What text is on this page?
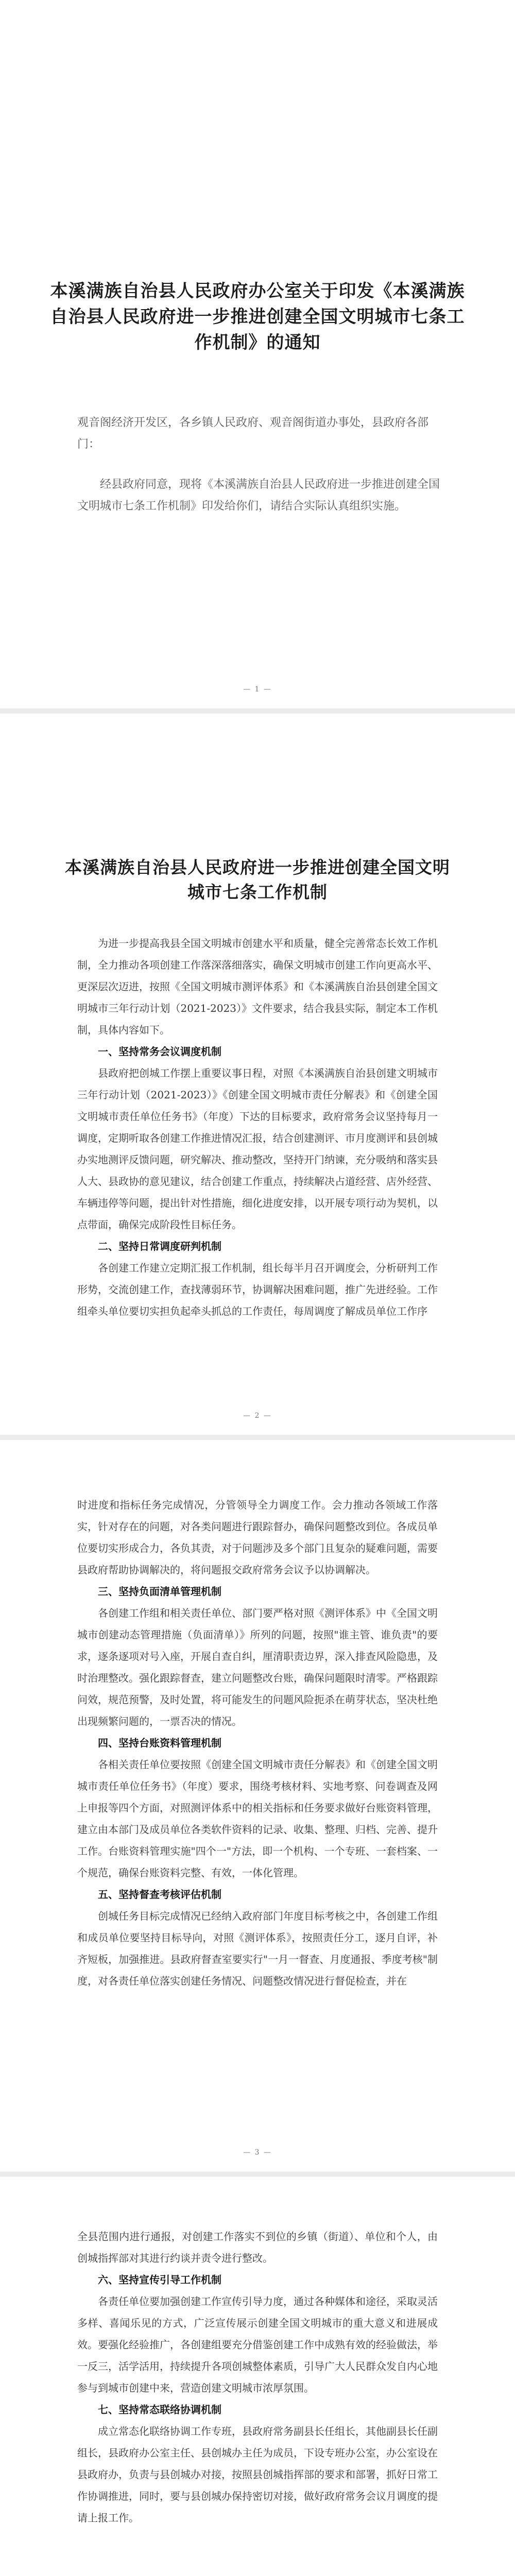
本溪满族自治县人民政府办公室关于印发《本溪满族自治县人民政府进一步推进创建全国文明城市七条工作机制》的通知

观音阁经济开发区，各乡镇人民政府、观音阁街道办事处，县政府各部门：

经县政府同意，现将《本溪满族自治县人民政府进一步推进创建全国文明城市七条工作机制》印发给你们，请结合实际认真组织实施。

— 1 —
— 2 —
本溪满族自治县人民政府进一步推进创建全国文明城市七条工作机制

为进一步提高我县全国文明城市创建水平和质量，健全完善常态长效工作机制，全力推动各项创建工作落深落细落实，确保文明城市创建工作向更高水平、更深层次迈进，按照《全国文明城市测评体系》和《本溪满族自治县创建全国文明城市三年行动计划（2021-2023）》文件要求，结合我县实际，制定本工作机制，具体内容如下。

一、坚持常务会议调度机制

县政府把创城工作摆上重要议事日程，对照《本溪满族自治县创建文明城市三年行动计划（2021-2023）》《创建全国文明城市责任分解表》和《创建全国文明城市责任单位任务书》（年度）下达的目标要求，政府常务会议坚持每月一调度，定期听取各创建工作推进情况汇报，结合创建测评、市月度测评和县创城办实地测评反馈问题，研究解决、推动整改，坚持开门纳谏，充分吸纳和落实县人大、县政协的意见建议，结合创建工作重点，持续解决占道经营、店外经营、车辆违停等问题，提出针对性措施，细化进度安排，以开展专项行动为契机，以点带面，确保完成阶段性目标任务。

二、坚持日常调度研判机制

各创建工作建立定期汇报工作机制，组长每半月召开调度会，分析研判工作形势，交流创建工作，查找薄弱环节，协调解决困难问题，推广先进经验。工作组牵头单位要切实担负起牵头抓总的工作责任，每周调度了解成员单位工作序

— 3 —

时进度和指标任务完成情况，分管领导全力调度工作。会力推动各领域工作落实，针对存在的问题，对各类问题进行跟踪督办，确保问题整改到位。各成员单位要切实形成合力，各负其责，对于问题涉及多个部门且复杂的疑难问题，需要县政府帮助协调解决的，将问题报交政府常务会议予以协调解决。

三、坚持负面清单管理机制

各创建工作组和相关责任单位、部门要严格对照《测评体系》中《全国文明城市创建动态管理措施（负面清单）》所列的问题，按照"谁主管、谁负责"的要求，逐条逐项对号入座，开展自查自纠，厘清职责边界，深入排查风险隐患，及时治理整改。强化跟踪督查，建立问题整改台账，确保问题限时清零。严格跟踪问效，规范预警，及时处置，将可能发生的问题风险扼杀在萌芽状态，坚决杜绝出现频繁问题的，一票否决的情况。

四、坚持台账资料管理机制

各相关责任单位要按照《创建全国文明城市责任分解表》和《创建全国文明城市责任单位任务书》（年度）要求，围绕考核材料、实地考察、问卷调查及网上申报等四个方面，对照测评体系中的相关指标和任务要求做好台账资料管理，建立由本部门及成员单位各类软件资料的记录、收集、整理、归档、完善、提升工作。台账资料管理实施"四个一"方法，即一个机构、一个专班、一套档案、一个规范，确保台账资料完整、有效，一体化管理。

五、坚持督查考核评估机制

创城任务目标完成情况已经纳入政府部门年度目标考核之中，各创建工作组和成员单位要坚持目标导向，对照《测评体系》，按照责任分工，逐月自评，补齐短板，加强推进。县政府督查室要实行"一月一督查、月度通报、季度考核"制度，对各责任单位落实创建任务情况、问题整改情况进行督促检查，并在

全县范围内进行通报，对创建工作落实不到位的乡镇（街道）、单位和个人，由创城指挥部对其进行约谈并责令进行整改。

六、坚持宣传引导工作机制

各责任单位要加强创建工作宣传引导力度，通过各种媒体和途径，采取灵活多样、喜闻乐见的方式，广泛宣传展示创建全国文明城市的重大意义和进展成效。要强化经验推广，各创建组要充分借鉴创建工作中成熟有效的经验做法，举一反三，活学活用，持续提升各项创城整体素质，引导广大人民群众发自内心地参与到城市创建中来，营造创建文明城市浓厚氛围。

七、坚持常态联络协调机制

成立常态化联络协调工作专班，县政府常务副县长任组长，其他副县长任副组长，县政府办公室主任、县创城办主任为成员，下设专班办公室，办公室设在县政府办，负责与县创城办对接，按照县创城指挥部的要求和部署，抓好日常工作协调推进，同时，要与县创城办保持密切对接，做好政府常务会议月调度的提请上报工作。
